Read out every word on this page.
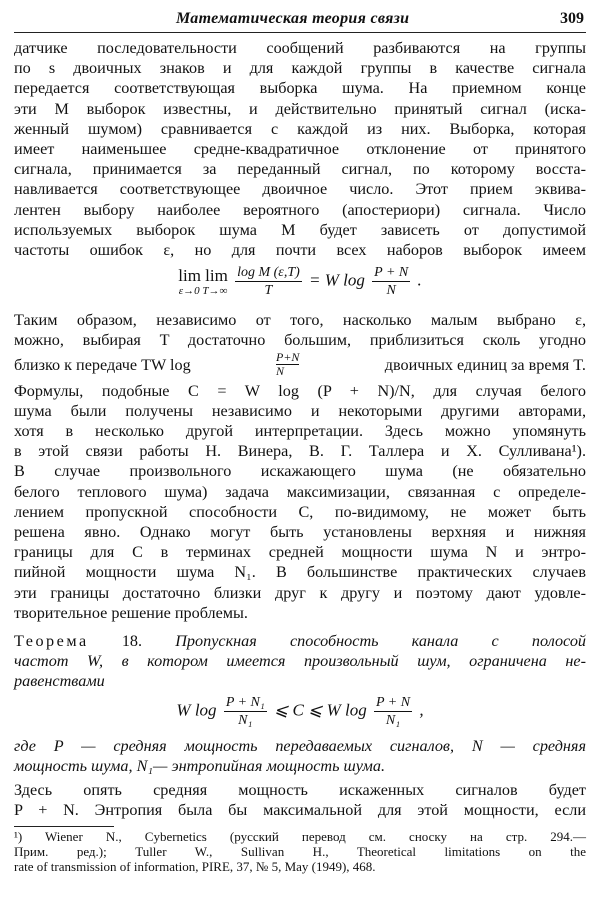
Математическая теория связи	309
датчике последовательности сообщений разбиваются на группы
по s двоичных знаков и для каждой группы в качестве сигнала
передается соответствующая выборка шума. На приемном конце
эти M выборок известны, и действительно принятый сигнал (иска-
женный шумом) сравнивается с каждой из них. Выборка, которая
имеет наименьшее средне-квадратичное отклонение от принятого
сигнала, принимается за переданный сигнал, по которому восста-
навливается соответствующее двоичное число. Этот прием эквива-
лентен выбору наиболее вероятного (апостериори) сигнала. Число
используемых выборок шума M будет зависеть от допустимой
частоты ошибок ε, но для почти всех наборов выборок имеем
lim lim
ε→0 T→∞
$\frac{\text{log M (ε,T)}}{T} = W$ $\log \frac{P + N}{N}$ .
Таким образом, независимо от того, насколько малым выбрано ε,
можно, выбирая T достаточно большим, приблизиться сколь угодно
близко к передаче TW log	P+N
N	двоичных единиц за время T.
Формулы, подобные C = W log (P + N)/N, для случая белого
шума были получены независимо и некоторыми другими авторами,
хотя в несколько другой интерпретации. Здесь можно упомянуть
в этой связи работы Н. Винера, В. Г. Таллера и Х. Сулливана¹).
В случае произвольного искажающего шума (не обязательно
белого теплового шума) задача максимизации, связанная с определе-
лением пропускной способности C, по-видимому, не может быть
решена явно. Однако могут быть установлены верхняя и нижняя
границы для C в терминах средней мощности шума N и энтро-
пийной мощности шума N₁. В большинстве практических случаев
эти границы достаточно близки друг к другу и поэтому дают удовле-
творительное решение проблемы.
Теорема 18. Пропускная способность канала с полосой
частот W, в котором имеется произвольный шум, ограничена не-
равенствами
W $\log \frac{\text{P + N₁}}{\text{N₁}}$ ⩽ C ⩽ W $\log \frac{P + N}{\text{N₁}}$ ,
¹) Wiener N., Cybernetics (русский перевод см. сноску на стр. 294.—
Прим. ред.); Tuller W., Sullivan H., Theoretical limitations on the
rate of transmission of information, PIRE, 37, № 5, May (1949), 468.
где P — средняя мощность передаваемых сигналов, N — средняя
мощность шума, N₁— энтропийная мощность шума.
Здесь опять средняя мощность искаженных сигналов будет
P + N. Энтропия была бы максимальной для этой мощности, если
